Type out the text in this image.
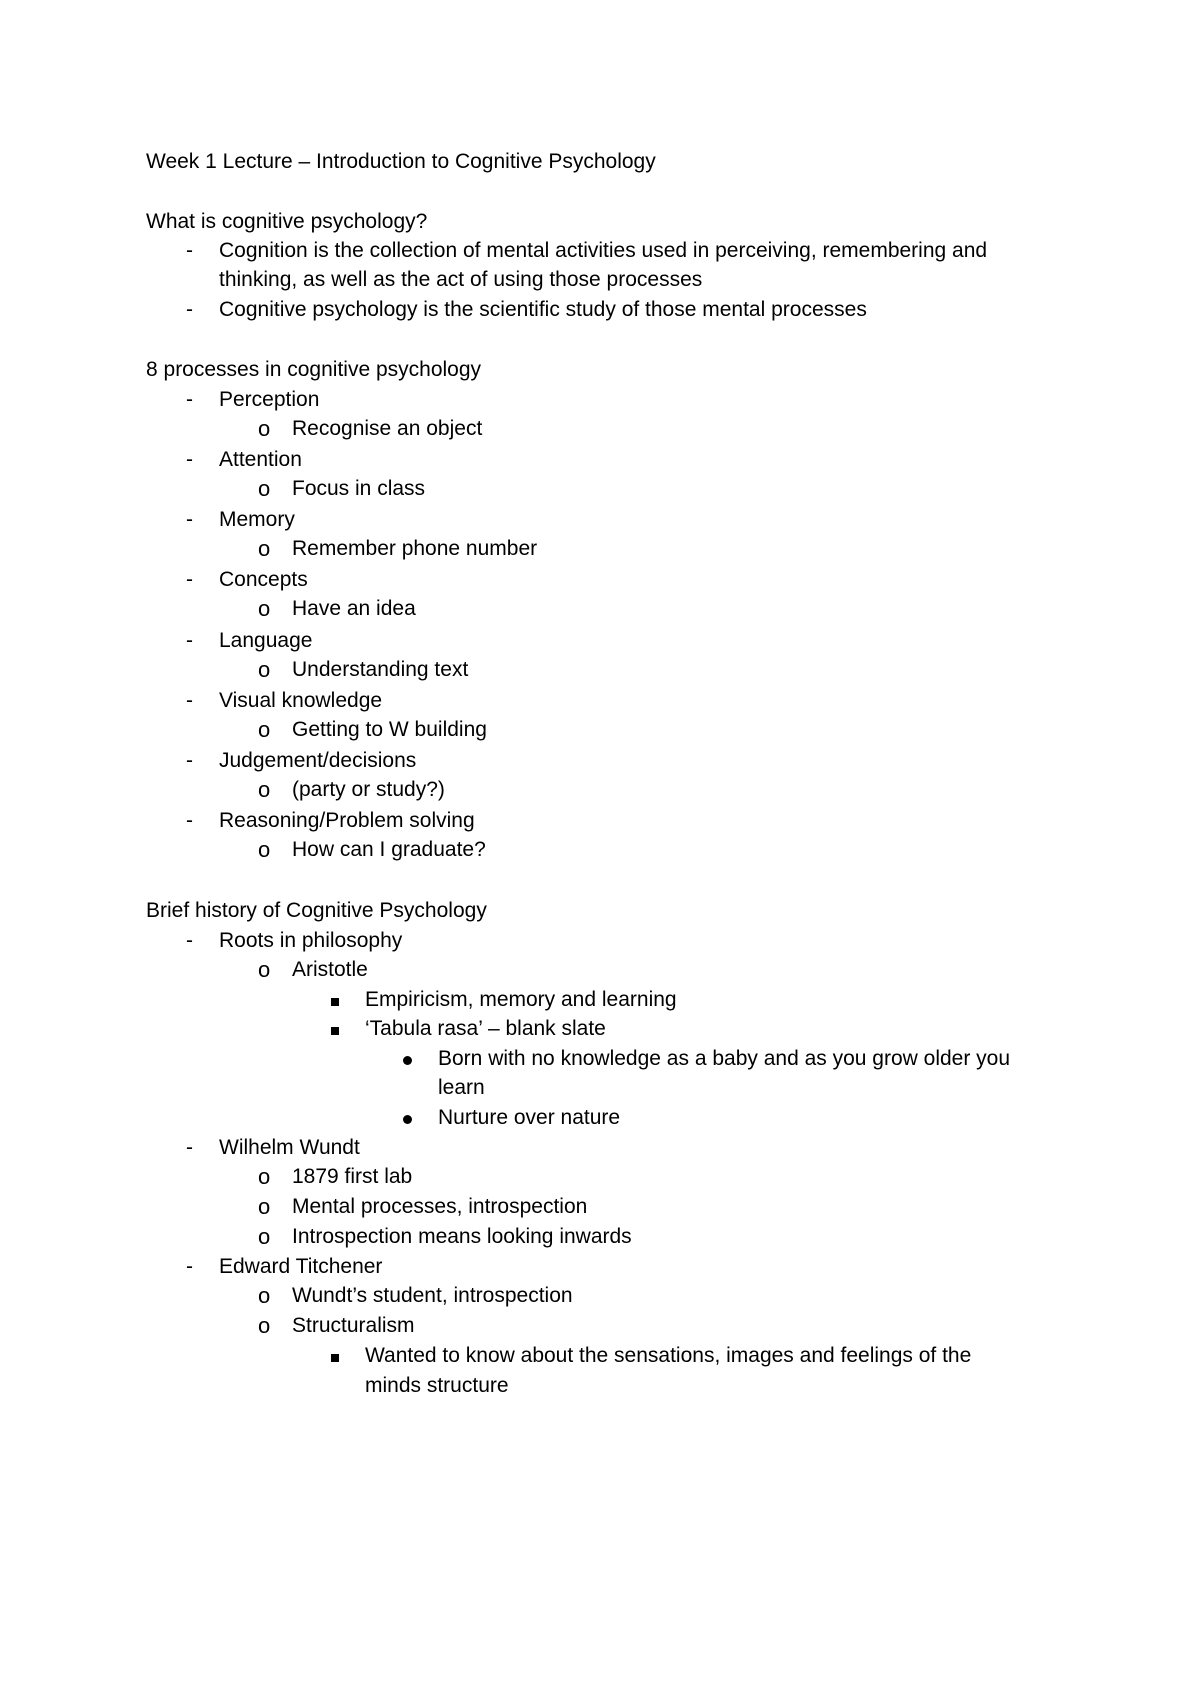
Week 1 Lecture – Introduction to Cognitive Psychology
What is cognitive psychology?
- Cognition is the collection of mental activities used in perceiving, remembering and
thinking, as well as the act of using those processes
- Cognitive psychology is the scientific study of those mental processes
8 processes in cognitive psychology
- Perception
o Recognise an object
- Attention
o Focus in class
- Memory
o Remember phone number
- Concepts
o Have an idea
- Language
o Understanding text
- Visual knowledge
o Getting to W building
- Judgement/decisions
o (party or study?)
- Reasoning/Problem solving
o How can I graduate?
Brief history of Cognitive Psychology
- Roots in philosophy
o Aristotle
Empiricism, memory and learning
‘Tabula rasa’ – blank slate
Born with no knowledge as a baby and as you grow older you
learn
Nurture over nature
- Wilhelm Wundt
o 1879 first lab
o Mental processes, introspection
o Introspection means looking inwards
- Edward Titchener
o Wundt’s student, introspection
o Structuralism
Wanted to know about the sensations, images and feelings of the
minds structure
